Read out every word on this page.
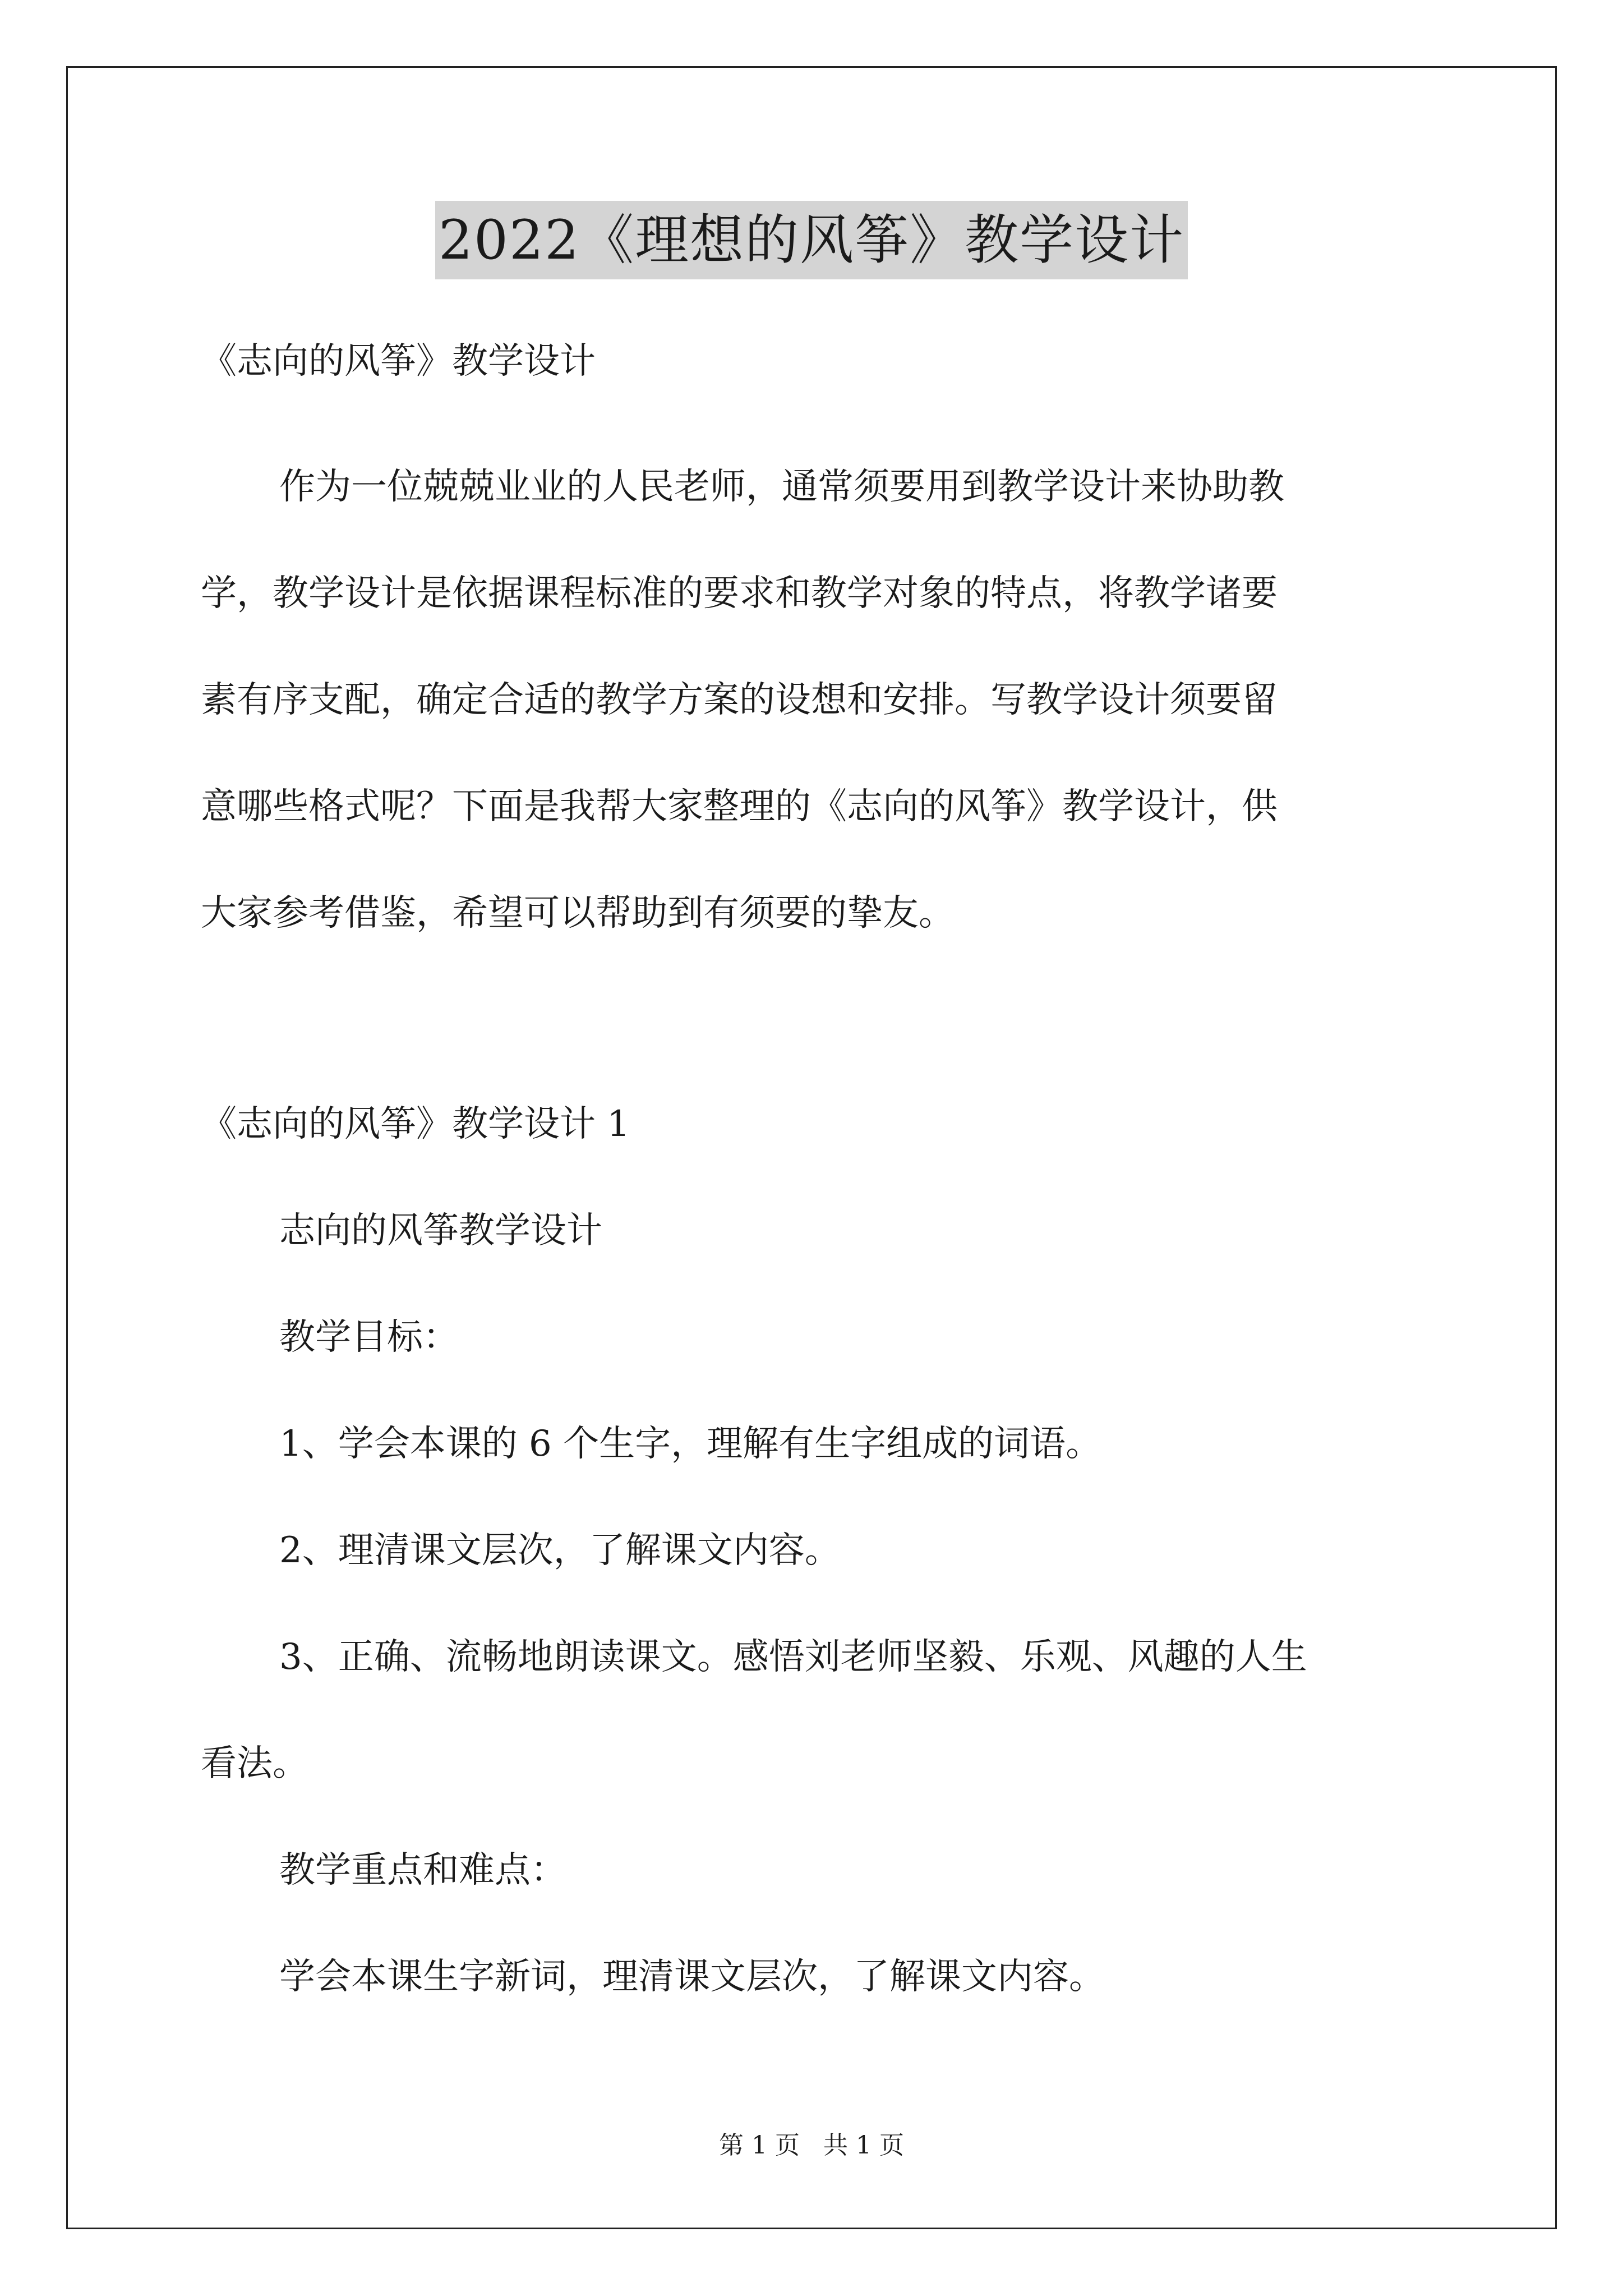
2022《理想的风筝》教学设计
《志向的风筝》教学设计
作为一位兢兢业业的人民老师，通常须要用到教学设计来协助教
学，教学设计是依据课程标准的要求和教学对象的特点，将教学诸要
素有序支配，确定合适的教学方案的设想和安排。写教学设计须要留
意哪些格式呢？下面是我帮大家整理的《志向的风筝》教学设计，供
大家参考借鉴，希望可以帮助到有须要的挚友。
《志向的风筝》教学设计 1
志向的风筝教学设计
教学目标：
1、学会本课的 6 个生字，理解有生字组成的词语。
2、理清课文层次，了解课文内容。
3、正确、流畅地朗读课文。感悟刘老师坚毅、乐观、风趣的人生
看法。
教学重点和难点：
学会本课生字新词，理清课文层次，了解课文内容。
第 1 页 共 1 页
